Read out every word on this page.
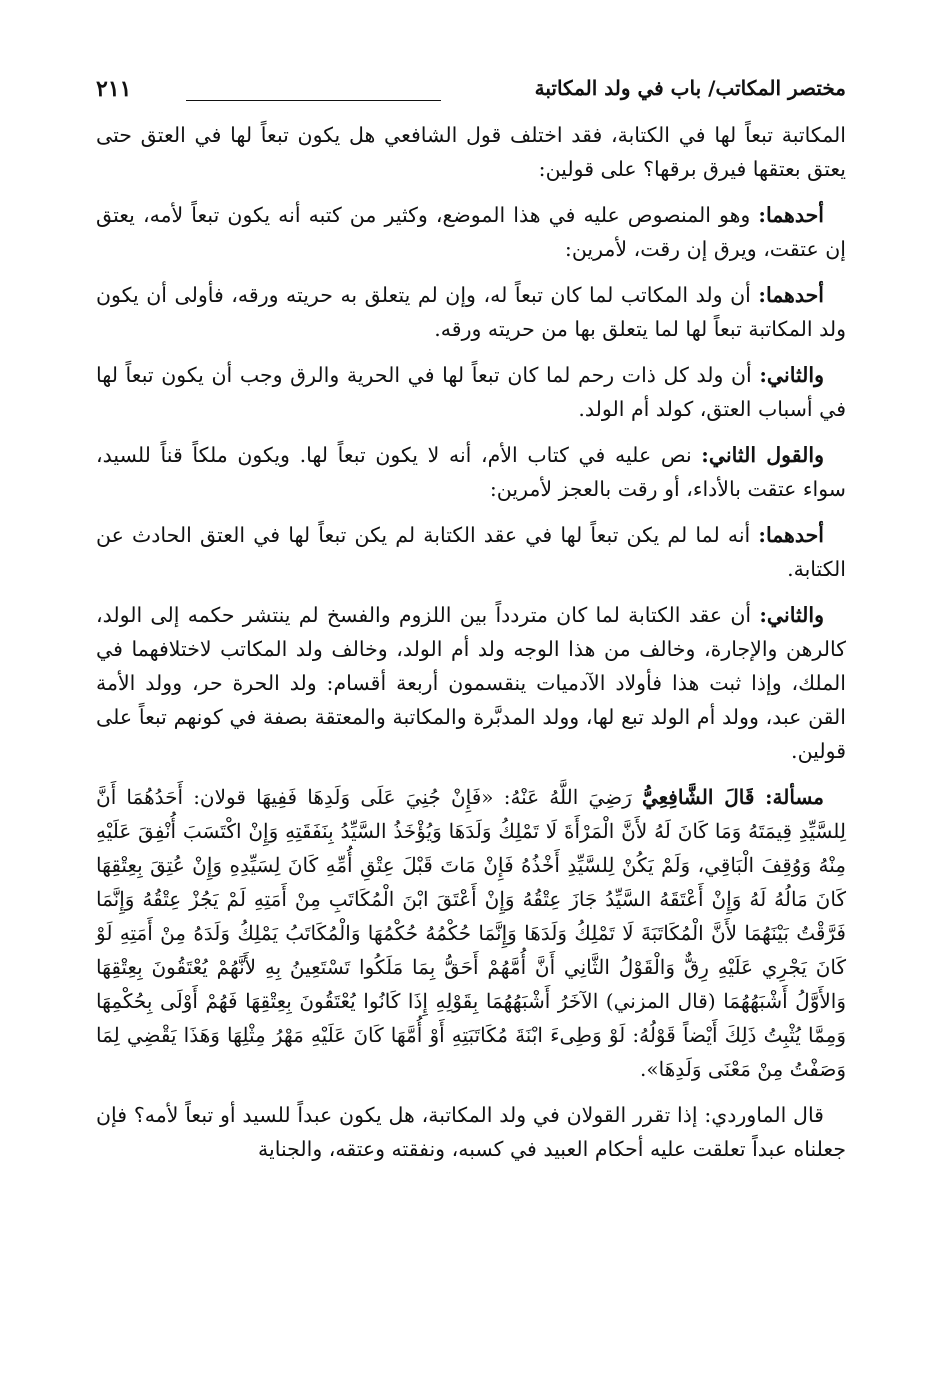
مختصر المكاتب/ باب في ولد المكاتبة
٢١١

المكاتبة تبعاً لها في الكتابة، فقد اختلف قول الشافعي هل يكون تبعاً لها في العتق حتى يعتق بعتقها فيرق برقها؟ على قولين:

أحدهما: وهو المنصوص عليه في هذا الموضع، وكثير من كتبه أنه يكون تبعاً لأمه، يعتق إن عتقت، ويرق إن رقت، لأمرين:

أحدهما: أن ولد المكاتب لما كان تبعاً له، وإن لم يتعلق به حريته ورقه، فأولى أن يكون ولد المكاتبة تبعاً لها لما يتعلق بها من حريته ورقه.

والثاني: أن ولد كل ذات رحم لما كان تبعاً لها في الحرية والرق وجب أن يكون تبعاً لها في أسباب العتق، كولد أم الولد.

والقول الثاني: نص عليه في كتاب الأم، أنه لا يكون تبعاً لها. ويكون ملكاً قناً للسيد، سواء عتقت بالأداء، أو رقت بالعجز لأمرين:

أحدهما: أنه لما لم يكن تبعاً لها في عقد الكتابة لم يكن تبعاً لها في العتق الحادث عن الكتابة.

والثاني: أن عقد الكتابة لما كان متردداً بين اللزوم والفسخ لم ينتشر حكمه إلى الولد، كالرهن والإجارة، وخالف من هذا الوجه ولد أم الولد، وخالف ولد المكاتب لاختلافهما في الملك، وإذا ثبت هذا فأولاد الآدميات ينقسمون أربعة أقسام: ولد الحرة حر، وولد الأمة القن عبد، وولد أم الولد تبع لها، وولد المدبَّرة والمكاتبة والمعتقة بصفة في كونهم تبعاً على قولين.

مسألة: قَالَ الشَّافِعِيُّ رَضِيَ اللَّهُ عَنْهُ: «فَإِنْ جُنِيَ عَلَى وَلَدِهَا فَفِيهَا قولان: أَحَدُهُمَا أَنَّ لِلسَّيِّدِ قِيمَتَهُ وَمَا كَانَ لَهُ لأَنَّ الْمَرْأَةَ لَا تَمْلِكُ وَلَدَهَا وَيُؤْخَذُ السَّيِّدُ بِنَفَقَتِهِ وَإِنْ اكْتَسَبَ أُنْفِقَ عَلَيْهِ مِنْهُ وَوُقِفَ الْبَاقِي، وَلَمْ يَكُنْ لِلسَّيِّدِ أَخْذُهُ فَإِنْ مَاتَ قَبْلَ عِتْقِ أُمِّهِ كَانَ لِسَيِّدِهِ وَإِنْ عُتِقَ بِعِتْقِهَا كَانَ مَالُهُ لَهُ وَإِنْ أَعْتَقَهُ السَّيِّدُ جَازَ عِتْقُهُ وَإِنْ أَعْتَقَ ابْنَ الْمُكَاتَبِ مِنْ أَمَتِهِ لَمْ يَجُزْ عِتْقُهُ وَإِنَّمَا فَرَّقْتُ بَيْنَهُمَا لأَنَّ الْمُكَاتَبَةَ لَا تَمْلِكُ وَلَدَهَا وَإِنَّمَا حُكْمُهُ حُكْمُهَا وَالْمُكَاتَبُ يَمْلِكُ وَلَدَهُ مِنْ أَمَتِهِ لَوْ كَانَ يَجْرِي عَلَيْهِ رِقٌّ وَالْقَوْلُ الثَّانِي أَنَّ أُمَّهُمْ أَحَقُّ بِمَا مَلَكُوا تَسْتَعِينُ بِهِ لأَنَّهُمْ يُعْتَقُونَ بِعِتْقِهَا وَالأَوَّلُ أَشْبَهُهُمَا (قال المزني) الآخَرُ أَشْبَهُهُمَا بِقَوْلِهِ إِذَا كَانُوا يُعْتَقُونَ بِعِتْقِهَا فَهُمْ أَوْلَى بِحُكْمِهَا وَمِمَّا يُثْبِتُ ذَلِكَ أَيْضاً قَوْلُهُ: لَوْ وَطِىءَ ابْنَةَ مُكَاتَبَتِهِ أَوْ أُمَّهَا كَانَ عَلَيْهِ مَهْرُ مِثْلِهَا وَهَذَا يَقْضِي لِمَا وَصَفْتُ مِنْ مَعْنَى وَلَدِهَا».

قال الماوردي: إذا تقرر القولان في ولد المكاتبة، هل يكون عبداً للسيد أو تبعاً لأمه؟ فإن جعلناه عبداً تعلقت عليه أحكام العبيد في كسبه، ونفقته وعتقه، والجناية
